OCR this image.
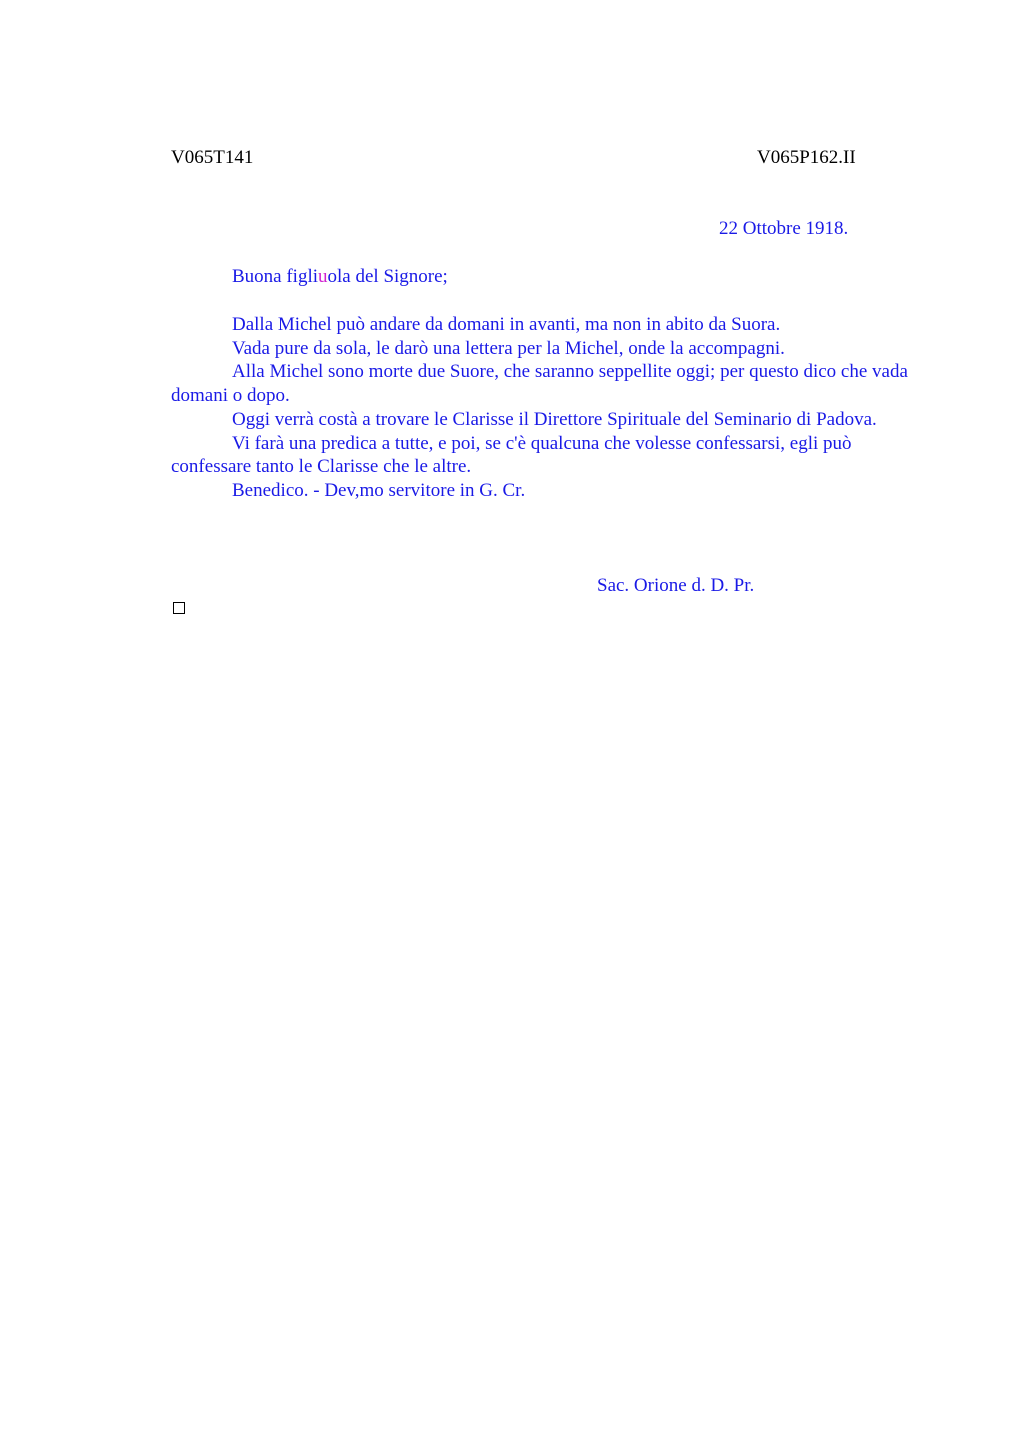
V065T141	V065P162.II
22 Ottobre 1918.
Buona figliuola del Signore;

Dalla Michel può andare da domani in avanti, ma non in abito da Suora.

Vada pure da sola, le darò una lettera per la Michel, onde la accompagni.

Alla Michel sono morte due Suore, che saranno seppellite oggi; per questo dico che vada domani o dopo.

Oggi verrà costà a trovare le Clarisse il Direttore Spirituale del Seminario di Padova.

Vi farà una predica a tutte, e poi, se c'è qualcuna che volesse confessarsi, egli può confessare tanto le Clarisse che le altre.

Benedico. - Dev,mo servitore in G. Cr.

Sac. Orione d. D. Pr.
